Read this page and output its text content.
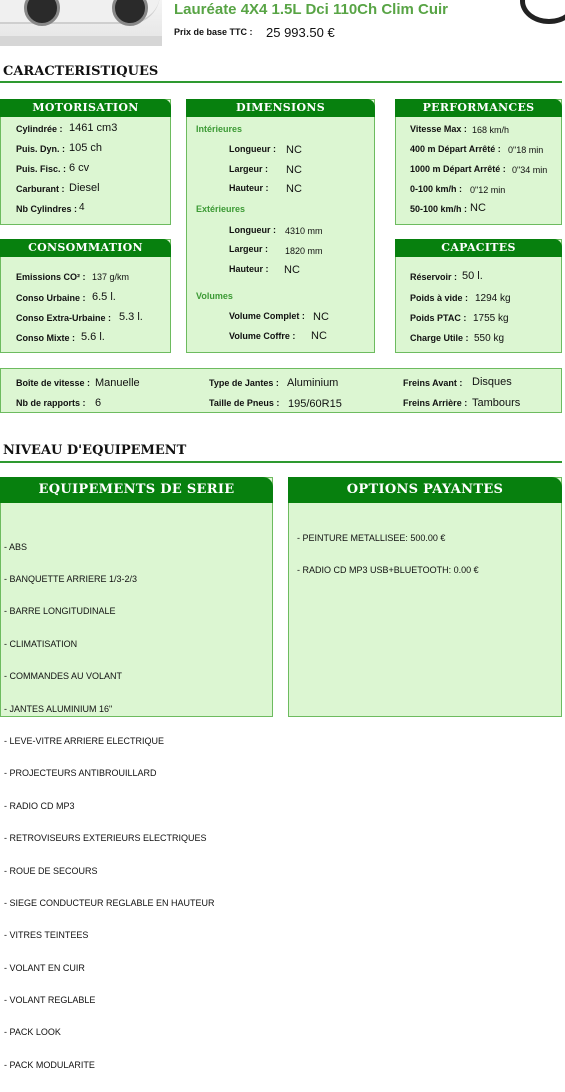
Lauréate 4X4 1.5L Dci 110Ch Clim Cuir
Prix de base TTC : 25 993.50 €
CARACTERISTIQUES
MOTORISATION
Cylindrée : 1461 cm3
Puis. Dyn. : 105 ch
Puis. Fisc. : 6 cv
Carburant : Diesel
Nb Cylindres : 4
CONSOMMATION
Emissions CO² : 137 g/km
Conso Urbaine : 6.5 l.
Conso Extra-Urbaine : 5.3 l.
Conso Mixte : 5.6 l.
DIMENSIONS
Intérieures
Longueur : NC
Largeur : NC
Hauteur : NC
Extérieures
Longueur : 4310 mm
Largeur : 1820 mm
Hauteur : NC
Volumes
Volume Complet : NC
Volume Coffre : NC
PERFORMANCES
Vitesse Max : 168 km/h
400 m Départ Arrêté : 0"18 min
1000 m Départ Arrêté : 0"34 min
0-100 km/h : 0"12 min
50-100 km/h : NC
CAPACITES
Réservoir : 50 l.
Poids à vide : 1294 kg
Poids PTAC : 1755 kg
Charge Utile : 550 kg
Boîte de vitesse : Manuelle
Nb de rapports : 6
Type de Jantes : Aluminium
Taille de Pneus : 195/60R15
Freins Avant : Disques
Freins Arrière : Tambours
NIVEAU D'EQUIPEMENT
EQUIPEMENTS DE SERIE

- ABS

- BANQUETTE ARRIERE 1/3-2/3

- BARRE LONGITUDINALE

- CLIMATISATION

- COMMANDES AU VOLANT

- JANTES ALUMINIUM 16"

- LEVE-VITRE ARRIERE ELECTRIQUE

- PROJECTEURS ANTIBROUILLARD

- RADIO CD MP3

- RETROVISEURS EXTERIEURS ELECTRIQUES

- ROUE DE SECOURS

- SIEGE CONDUCTEUR REGLABLE EN HAUTEUR

- VITRES TEINTEES

- VOLANT EN CUIR

- VOLANT REGLABLE

- PACK LOOK

- PACK MODULARITE

OPTIONS PAYANTES

- PEINTURE METALLISEE: 500.00 €

- RADIO CD MP3 USB+BLUETOOTH: 0.00 €
